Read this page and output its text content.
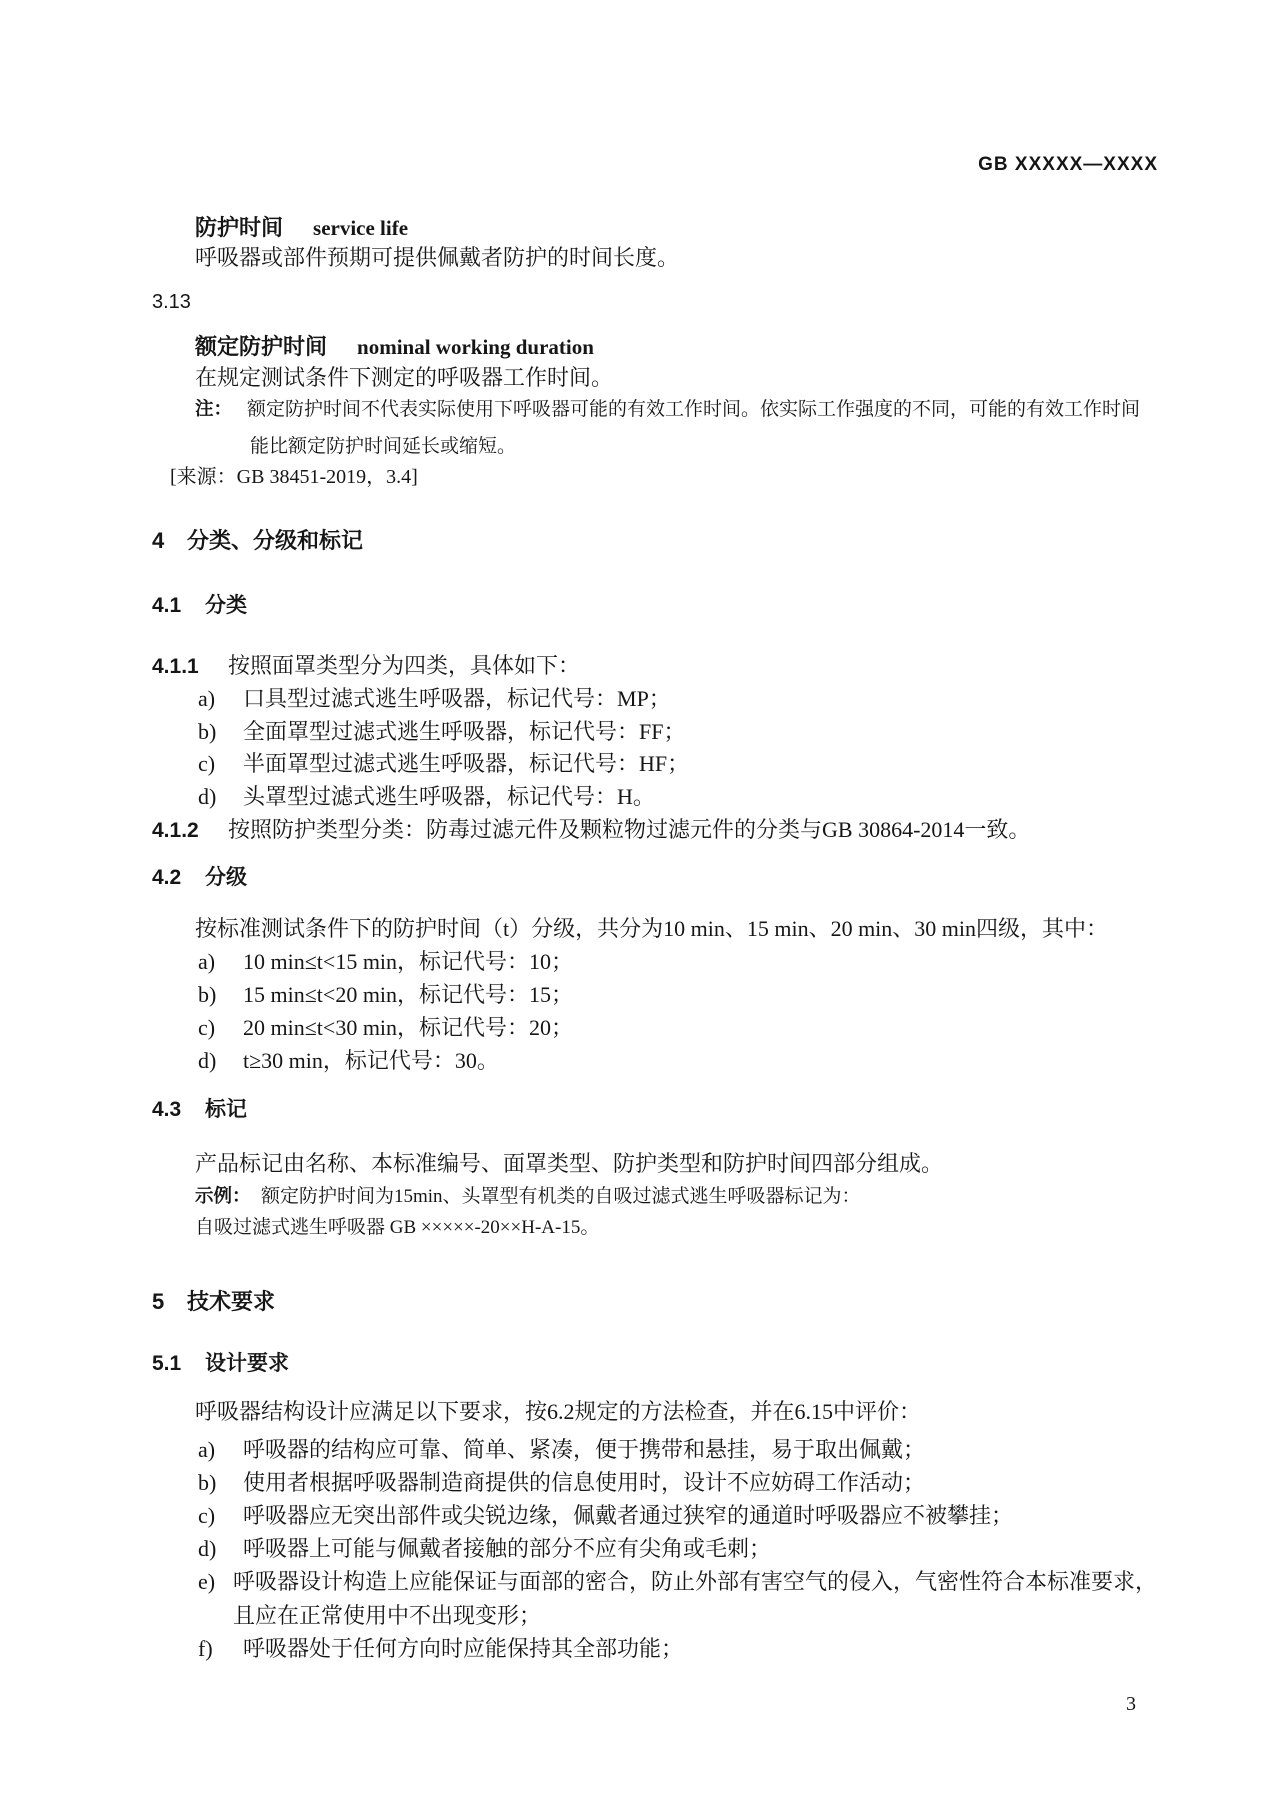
GB XXXXX—XXXX
防护时间 service life
呼吸器或部件预期可提供佩戴者防护的时间长度。
3.13
额定防护时间 nominal working duration
在规定测试条件下测定的呼吸器工作时间。
注： 额定防护时间不代表实际使用下呼吸器可能的有效工作时间。依实际工作强度的不同，可能的有效工作时间
能比额定防护时间延长或缩短。
[来源：GB 38451-2019，3.4]
4 分类、分级和标记
4.1 分类
4.1.1 按照面罩类型分为四类，具体如下：
a) 口具型过滤式逃生呼吸器，标记代号：MP；
b) 全面罩型过滤式逃生呼吸器，标记代号：FF；
c) 半面罩型过滤式逃生呼吸器，标记代号：HF；
d) 头罩型过滤式逃生呼吸器，标记代号：H。
4.1.2 按照防护类型分类：防毒过滤元件及颗粒物过滤元件的分类与GB 30864-2014一致。
4.2 分级
按标准测试条件下的防护时间（t）分级，共分为10 min、15 min、20 min、30 min四级，其中：
a) 10 min≤t<15 min，标记代号：10；
b) 15 min≤t<20 min，标记代号：15；
c) 20 min≤t<30 min，标记代号：20；
d) t≥30 min，标记代号：30。
4.3 标记
产品标记由名称、本标准编号、面罩类型、防护类型和防护时间四部分组成。
示例： 额定防护时间为15min、头罩型有机类的自吸过滤式逃生呼吸器标记为：
自吸过滤式逃生呼吸器 GB ×××××-20××H-A-15。
5 技术要求
5.1 设计要求
呼吸器结构设计应满足以下要求，按6.2规定的方法检查，并在6.15中评价：
a) 呼吸器的结构应可靠、简单、紧凑，便于携带和悬挂，易于取出佩戴；
b) 使用者根据呼吸器制造商提供的信息使用时，设计不应妨碍工作活动；
c) 呼吸器应无突出部件或尖锐边缘，佩戴者通过狭窄的通道时呼吸器应不被攀挂；
d) 呼吸器上可能与佩戴者接触的部分不应有尖角或毛刺；
e) 呼吸器设计构造上应能保证与面部的密合，防止外部有害空气的侵入，气密性符合本标准要求，
且应在正常使用中不出现变形；
f) 呼吸器处于任何方向时应能保持其全部功能；
3
